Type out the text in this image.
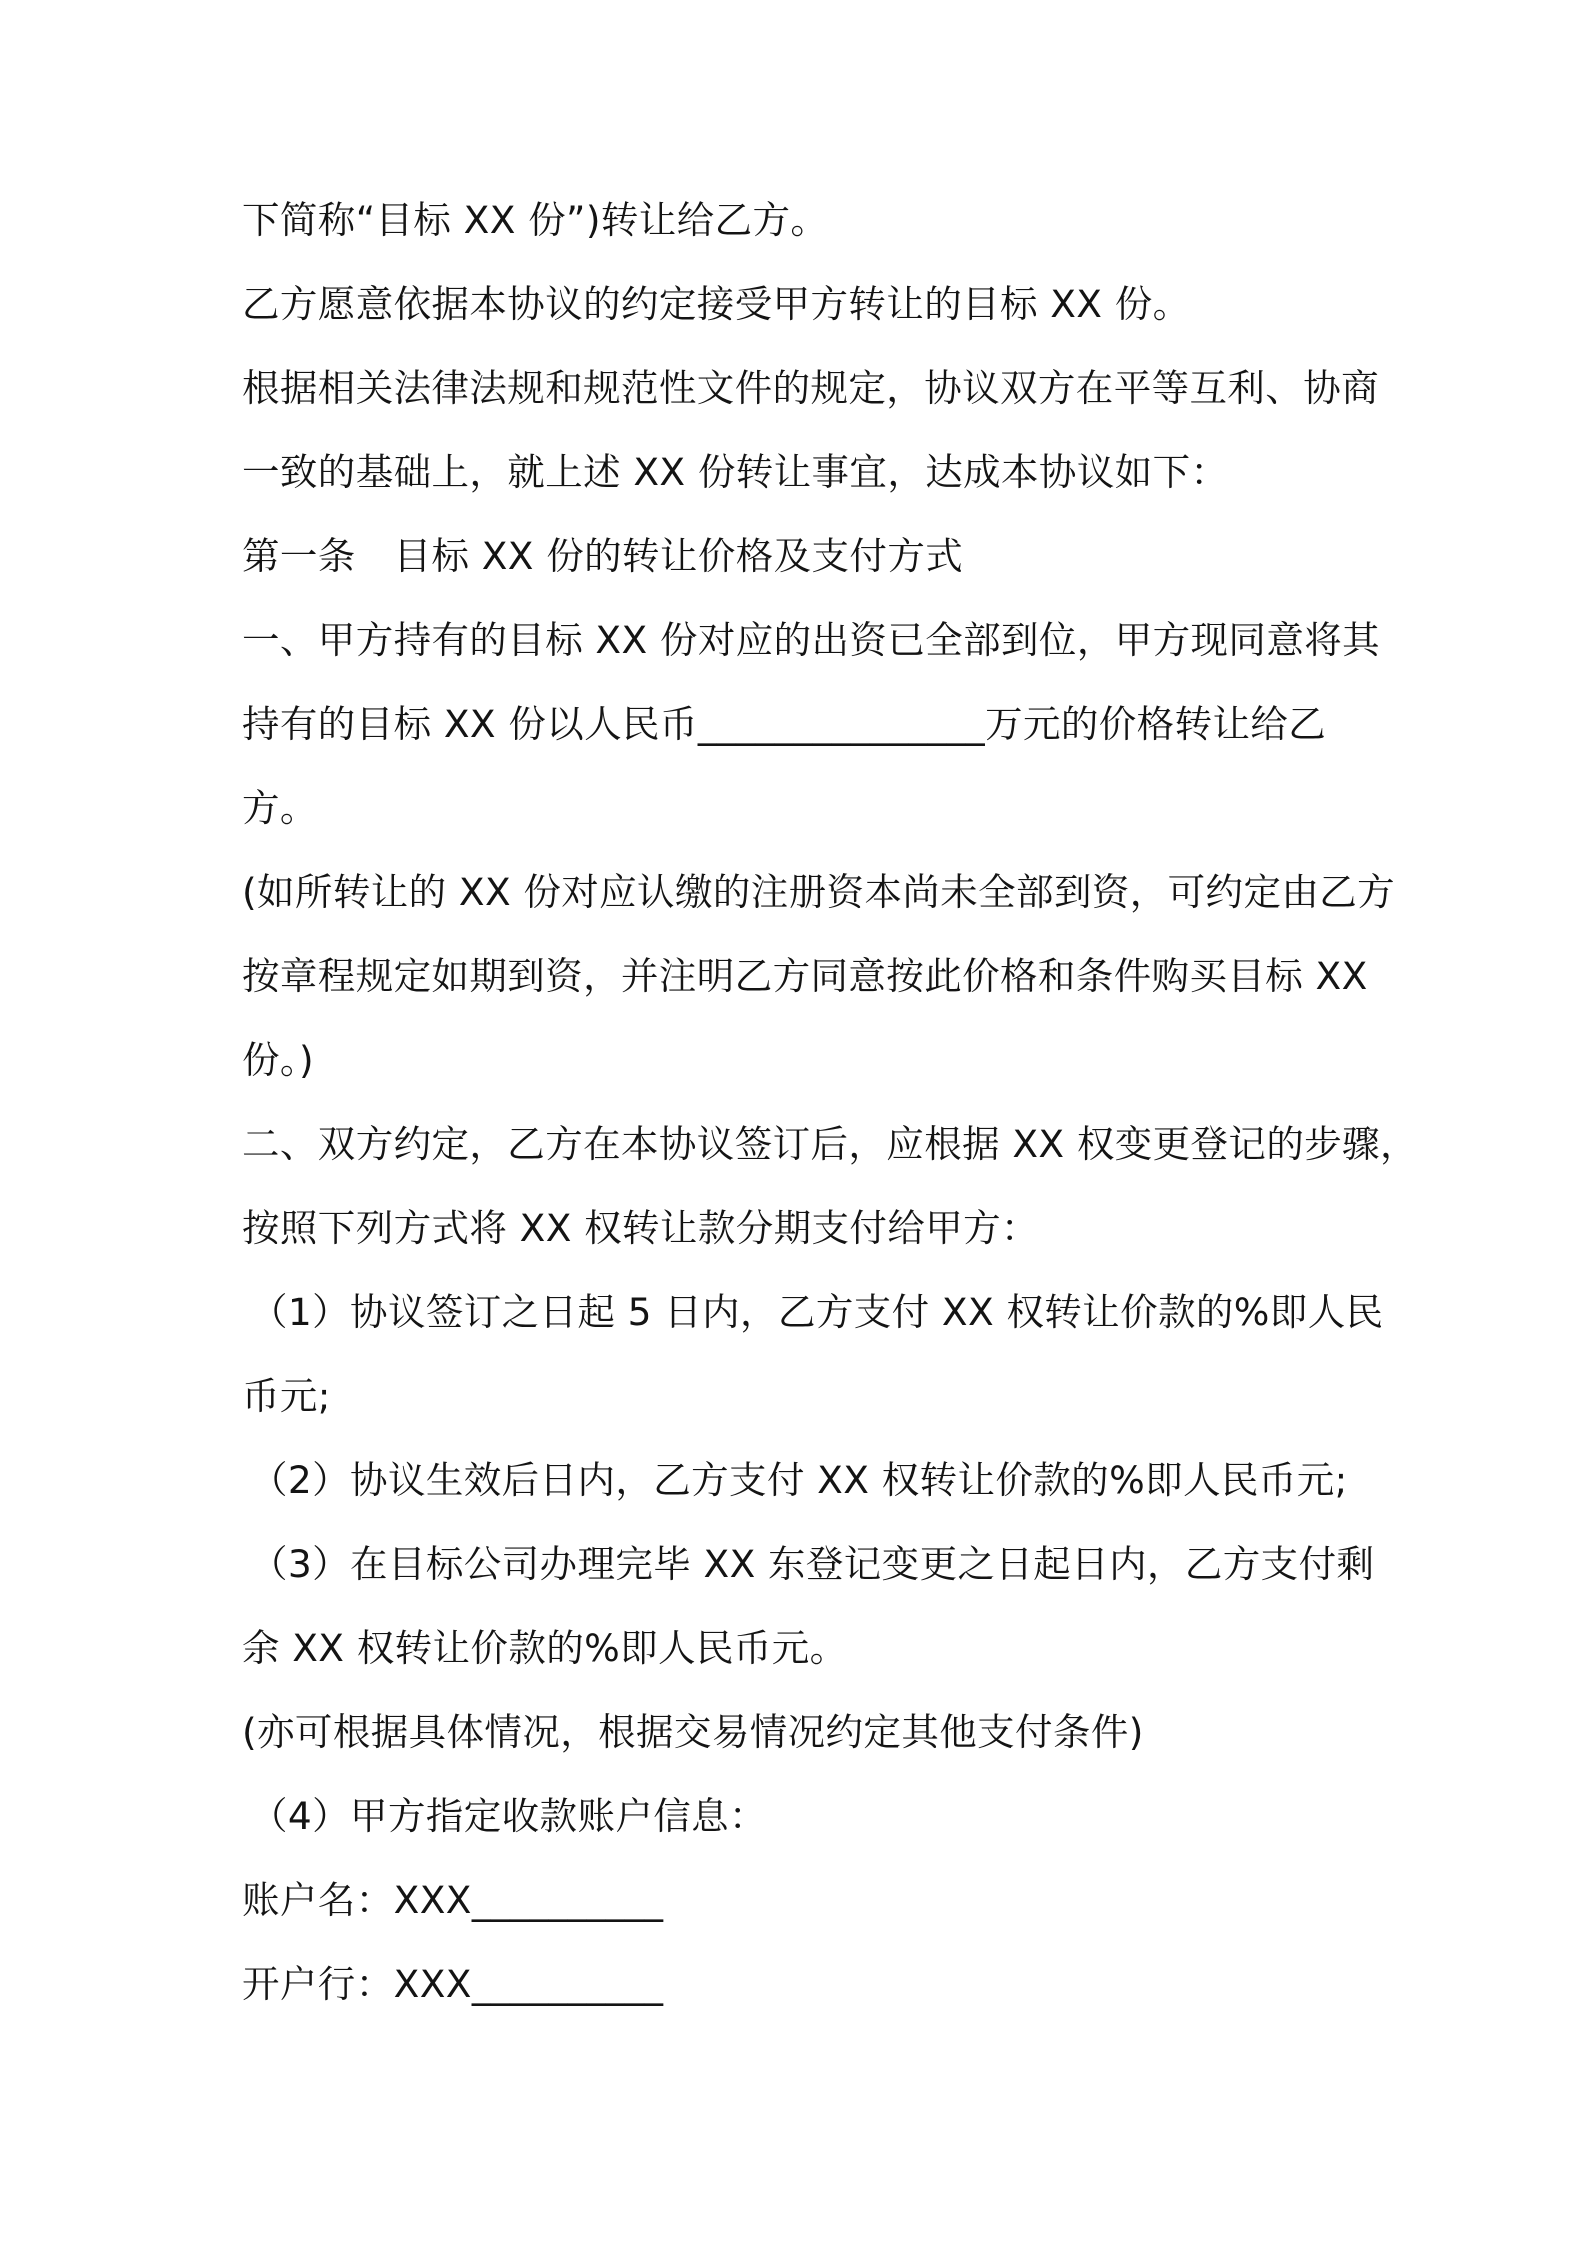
下简称“目标 XX 份”)转让给乙方。
乙方愿意依据本协议的约定接受甲方转让的目标 XX 份。
根据相关法律法规和规范性文件的规定，协议双方在平等互利、协商
一致的基础上，就上述 XX 份转让事宜，达成本协议如下：
第一条　目标 XX 份的转让价格及支付方式
一、甲方持有的目标 XX 份对应的出资已全部到位，甲方现同意将其
持有的目标 XX 份以人民币_______________万元的价格转让给乙
方。
(如所转让的 XX 份对应认缴的注册资本尚未全部到资，可约定由乙方
按章程规定如期到资，并注明乙方同意按此价格和条件购买目标 XX
份。)
二、双方约定，乙方在本协议签订后，应根据 XX 权变更登记的步骤，
按照下列方式将 XX 权转让款分期支付给甲方：
（1）协议签订之日起 5 日内，乙方支付 XX 权转让价款的%即人民
币元;
（2）协议生效后日内，乙方支付 XX 权转让价款的%即人民币元;
（3）在目标公司办理完毕 XX 东登记变更之日起日内，乙方支付剩
余 XX 权转让价款的%即人民币元。
(亦可根据具体情况，根据交易情况约定其他支付条件)
（4）甲方指定收款账户信息：
账户名：XXX__________
开户行：XXX__________
